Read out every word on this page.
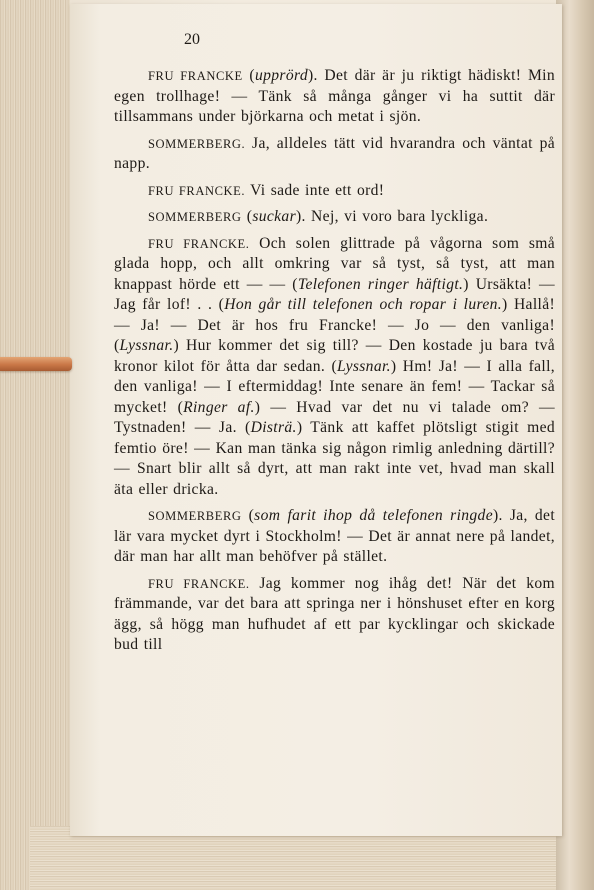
20

FRU FRANCKE (upprörd). Det där är ju riktigt hädiskt! Min egen trollhage! — Tänk så många gånger vi ha suttit där tillsammans under björkarna och metat i sjön.

SOMMERBERG. Ja, alldeles tätt vid hvarandra och väntat på napp.

FRU FRANCKE. Vi sade inte ett ord!

SOMMERBERG (suckar). Nej, vi voro bara lyckliga.

FRU FRANCKE. Och solen glittrade på vågorna som små glada hopp, och allt omkring var så tyst, så tyst, att man knappast hörde ett — — (Telefonen ringer häftigt.) Ursäkta! — Jag får lof! . . (Hon går till telefonen och ropar i luren.) Hallå! — Ja! — Det är hos fru Francke! — Jo — den vanliga! (Lyssnar.) Hur kommer det sig till? — Den kostade ju bara två kronor kilot för åtta dar sedan. (Lyssnar.) Hm! Ja! — I alla fall, den vanliga! — I eftermiddag! Inte senare än fem! — Tackar så mycket! (Ringer af.) — Hvad var det nu vi talade om? — Tystnaden! — Ja. (Disträ.) Tänk att kaffet plötsligt stigit med femtio öre! — Kan man tänka sig någon rimlig anledning därtill? — Snart blir allt så dyrt, att man rakt inte vet, hvad man skall äta eller dricka.

SOMMERBERG (som farit ihop då telefonen ringde). Ja, det lär vara mycket dyrt i Stockholm! — Det är annat nere på landet, där man har allt man behöfver på stället.

FRU FRANCKE. Jag kommer nog ihåg det! När det kom främmande, var det bara att springa ner i hönshuset efter en korg ägg, så högg man hufhudet af ett par kycklingar och skickade bud till
